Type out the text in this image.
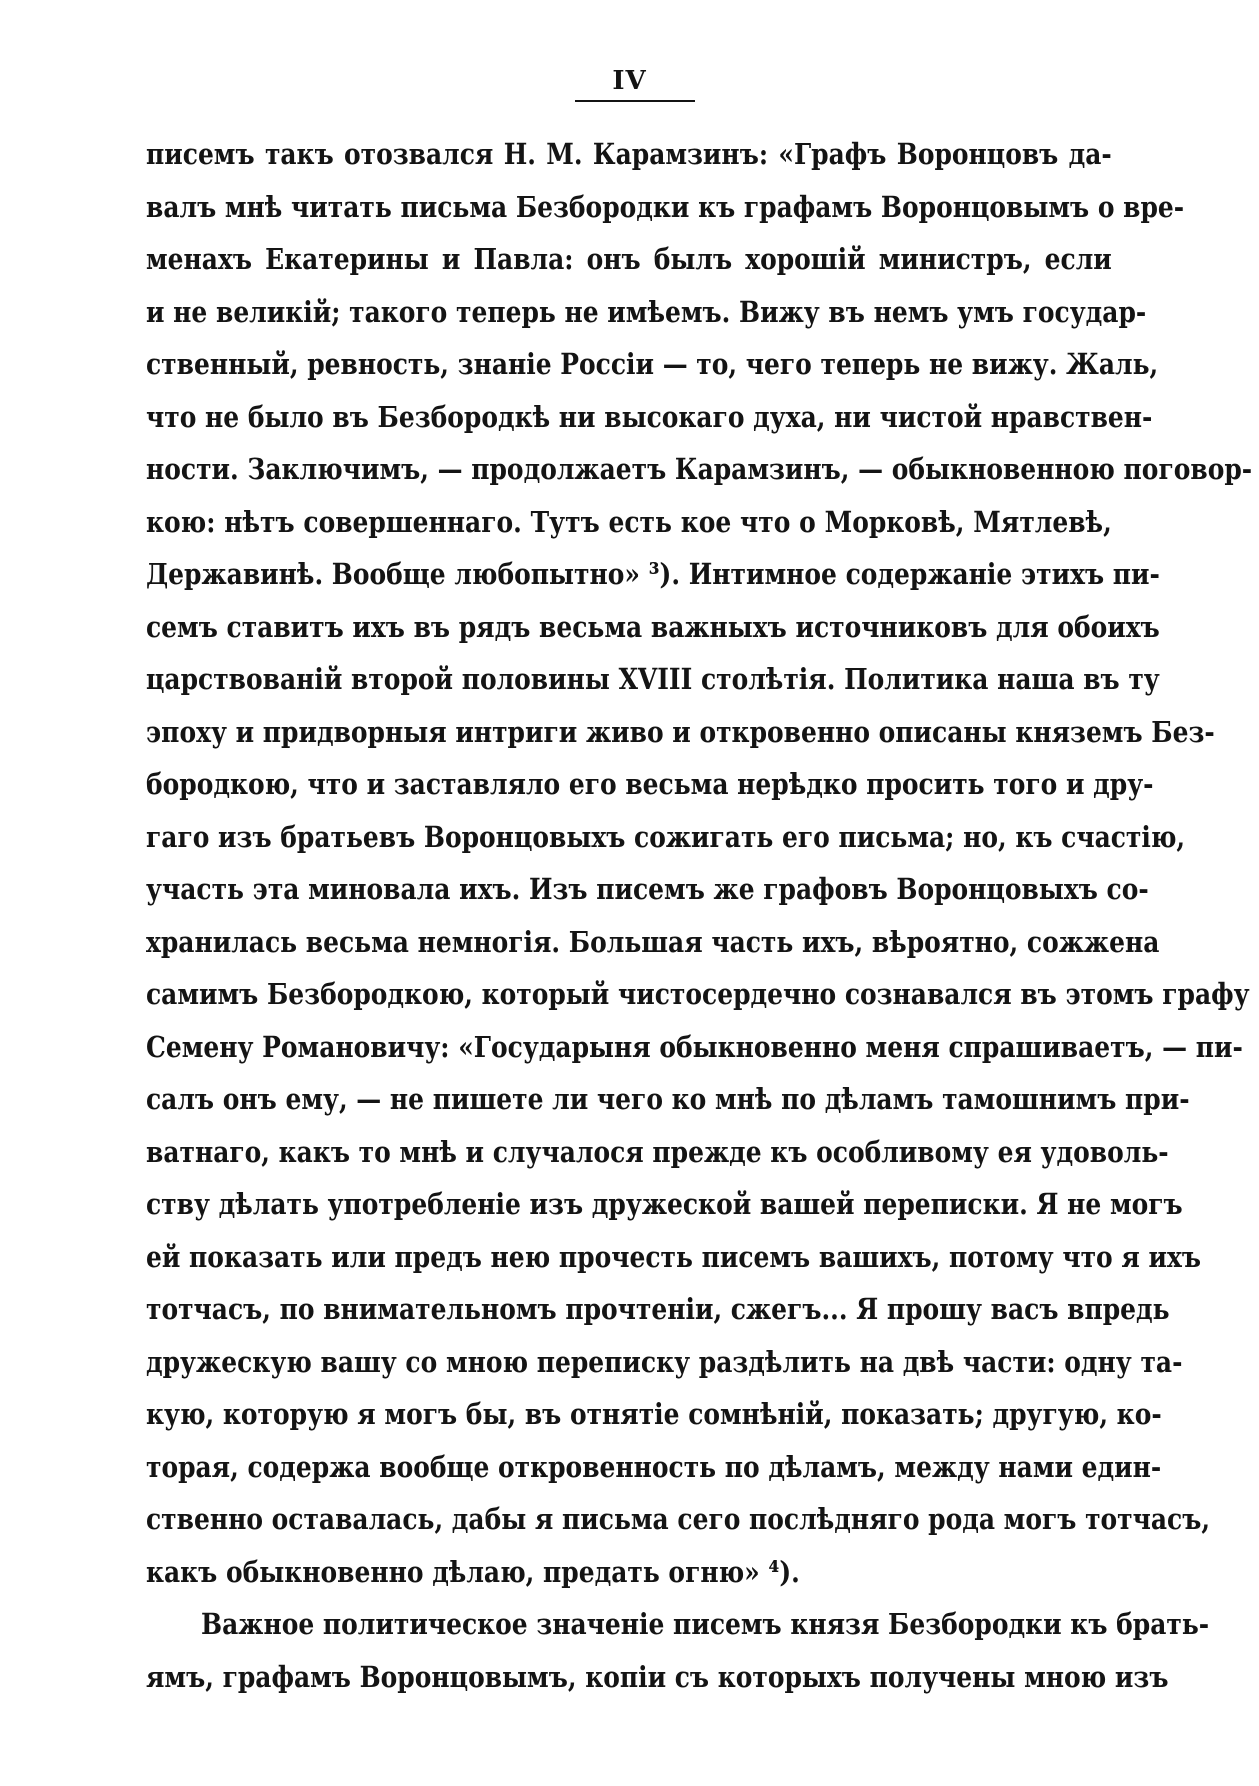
IV
писемъ такъ отозвался Н. М. Карамзинъ: «Графъ Воронцовъ да-
валъ мнѣ читать письма Безбородки къ графамъ Воронцовымъ о вре-
менахъ Екатерины и Павла: онъ былъ хорошій министръ, если
и не великій; такого теперь не имѣемъ. Вижу въ немъ умъ государ-
ственный, ревность, знаніе Россіи — то, чего теперь не вижу. Жаль,
что не было въ Безбородкѣ ни высокаго духа, ни чистой нравствен-
ности. Заключимъ, — продолжаетъ Карамзинъ, — обыкновенною поговор-
кою: нѣтъ совершеннаго. Тутъ есть кое что о Морковѣ, Мятлевѣ,
Державинѣ. Вообще любопытно» ³). Интимное содержаніе этихъ пи-
семъ ставитъ ихъ въ рядъ весьма важныхъ источниковъ для обоихъ
царствованій второй половины XVIII столѣтія. Политика наша въ ту
эпоху и придворныя интриги живо и откровенно описаны княземъ Без-
бородкою, что и заставляло его весьма нерѣдко просить того и дру-
гаго изъ братьевъ Воронцовыхъ сожигать его письма; но, къ счастію,
участь эта миновала ихъ. Изъ писемъ же графовъ Воронцовыхъ со-
хранилась весьма немногія. Большая часть ихъ, вѣроятно, сожжена
самимъ Безбородкою, который чистосердечно сознавался въ этомъ графу
Семену Романовичу: «Государыня обыкновенно меня спрашиваетъ, — пи-
салъ онъ ему, — не пишете ли чего ко мнѣ по дѣламъ тамошнимъ при-
ватнаго, какъ то мнѣ и случалося прежде къ особливому ея удоволь-
ству дѣлать употребленіе изъ дружеской вашей переписки. Я не могъ
ей показать или предъ нею прочесть писемъ вашихъ, потому что я ихъ
тотчасъ, по внимательномъ прочтеніи, сжегъ... Я прошу васъ впредь
дружескую вашу со мною переписку раздѣлить на двѣ части: одну та-
кую, которую я могъ бы, въ отнятіе сомнѣній, показать; другую, ко-
торая, содержа вообще откровенность по дѣламъ, между нами един-
ственно оставалась, дабы я письма сего послѣдняго рода могъ тотчасъ,
какъ обыкновенно дѣлаю, предать огню» ⁴).
Важное политическое значеніе писемъ князя Безбородки къ брать-
ямъ, графамъ Воронцовымъ, копіи съ которыхъ получены мною изъ
